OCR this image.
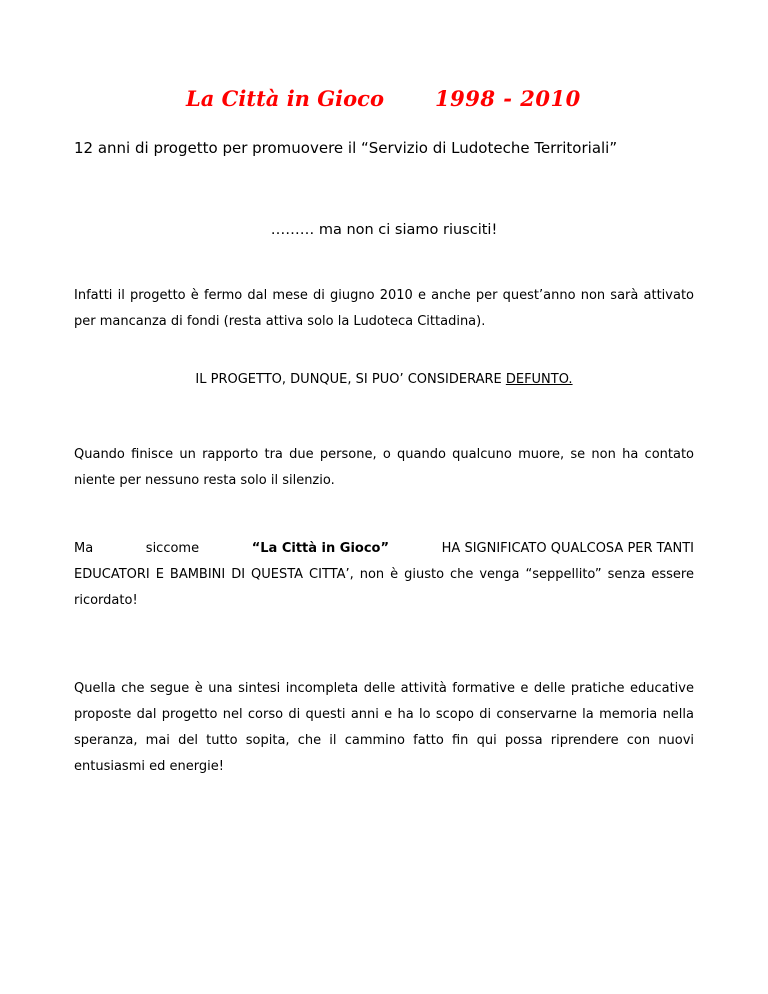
La Città in Gioco 1998 - 2010
12 anni di progetto per promuovere il “Servizio di Ludoteche Territoriali”
……… ma non ci siamo riusciti!

Infatti il progetto è fermo dal mese di giugno 2010 e anche per quest’anno non sarà attivato per mancanza di fondi (resta attiva solo la Ludoteca Cittadina).

IL PROGETTO, DUNQUE, SI PUO’ CONSIDERARE DEFUNTO.

Quando finisce un rapporto tra due persone, o quando qualcuno muore, se non ha contato niente per nessuno resta solo il silenzio.

Ma	siccome	“La Città in Gioco”	HA SIGNIFICATO QUALCOSA PER TANTI
EDUCATORI E BAMBINI DI QUESTA CITTA’, non è giusto che venga “seppellito” senza essere ricordato!

Quella che segue è una sintesi incompleta delle attività formative e delle pratiche educative proposte dal progetto nel corso di questi anni e ha lo scopo di conservarne la memoria nella speranza, mai del tutto sopita, che il cammino fatto fin qui possa riprendere con nuovi entusiasmi ed energie!
